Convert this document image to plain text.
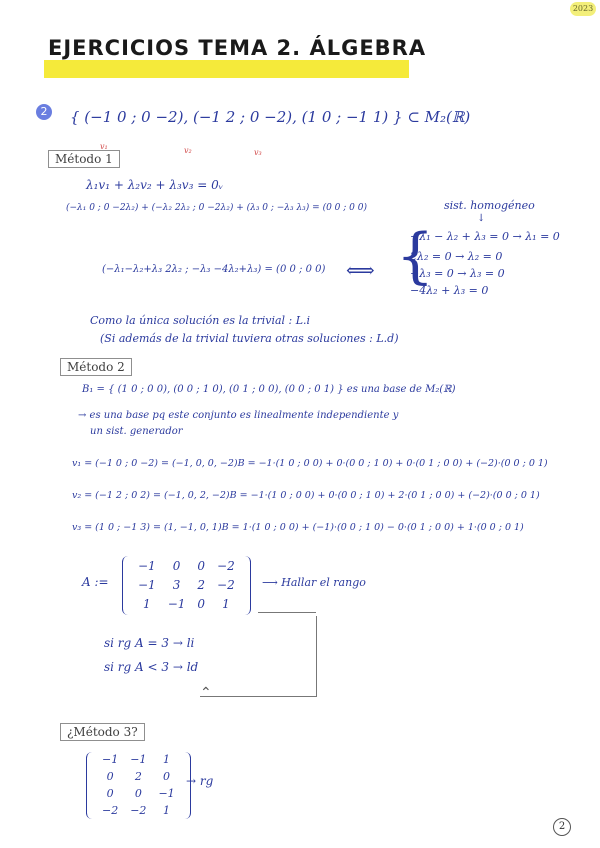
2023
EJERCICIOS TEMA 2. ÁLGEBRA
2	{ (−1 0 ; 0 −2), (−1 2 ; 0 −2), (1 0 ; −1 1) } ⊂ M₂(ℝ)
v₁	v₂	v₃
Método 1
λ₁v₁ + λ₂v₂ + λ₃v₃ = 0ᵥ
(−λ₁ 0 ; 0 −2λ₂) + (−λ₂ 2λ₂ ; 0 −2λ₂) + (λ₃ 0 ; −λ₃ λ₃) = (0 0 ; 0 0)	sist. homogéneo
↓
(−λ₁−λ₂+λ₃ 2λ₂ ; −λ₃ −4λ₂+λ₃) = (0 0 ; 0 0) ⟺ {
−λ₁ − λ₂ + λ₃ = 0 → λ₁ = 0
2λ₂ = 0 → λ₂ = 0
−λ₃ = 0 → λ₃ = 0
−4λ₂ + λ₃ = 0
Como la única solución es la trivial : L.i
(Si además de la trivial tuviera otras soluciones : L.d)
Método 2
B₁ = { (1 0 ; 0 0), (0 0 ; 1 0), (0 1 ; 0 0), (0 0 ; 0 1) } es una base de M₂(ℝ)
→ es una base pq este conjunto es linealmente independiente y
un sist. generador
v₁ = (−1 0 ; 0 −2) = (−1, 0, 0, −2)B = −1·(1 0 ; 0 0) + 0·(0 0 ; 1 0) + 0·(0 1 ; 0 0) + (−2)·(0 0 ; 0 1)
v₂ = (−1 2 ; 0 2) = (−1, 0, 2, −2)B = −1·(1 0 ; 0 0) + 0·(0 0 ; 1 0) + 2·(0 1 ; 0 0) + (−2)·(0 0 ; 0 1)
v₃ = (1 0 ; −1 3) = (1, −1, 0, 1)B = 1·(1 0 ; 0 0) + (−1)·(0 0 ; 1 0) − 0·(0 1 ; 0 0) + 1·(0 0 ; 0 1)
A :=
−1	0	0	−2
−1	3	2	−2
1	−1	0	1
⟶ Hallar el rango
si rg A = 3 → li
si rg A < 3 → ld
⌃
¿Método 3?
−1	−1	1
0	2	0
0	0	−1
−2	−2	1
→ rg
2
